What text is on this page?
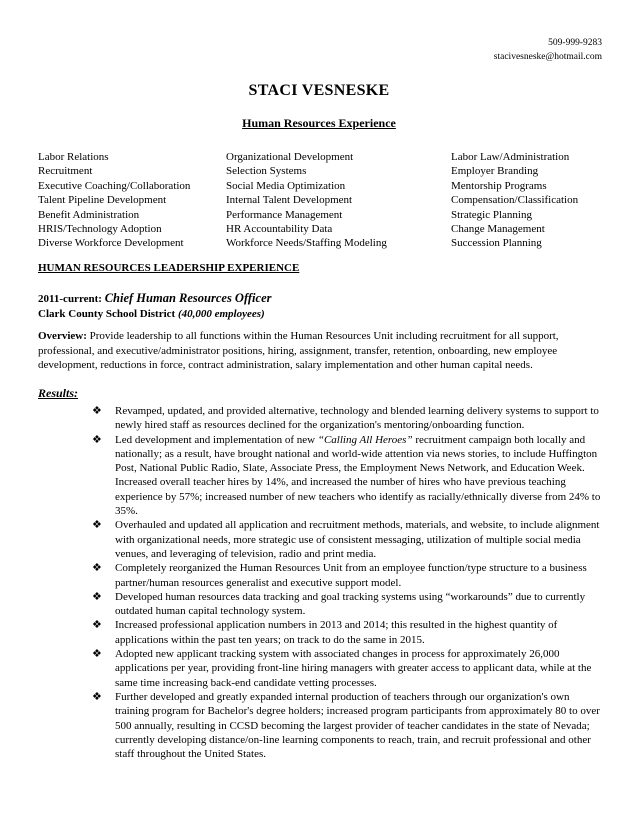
509-999-9283
stacivesneske@hotmail.com
STACI VESNESKE
Human Resources Experience
Labor Relations
Recruitment
Executive Coaching/Collaboration
Talent Pipeline Development
Benefit Administration
HRIS/Technology Adoption
Diverse Workforce Development
Organizational Development
Selection Systems
Social Media Optimization
Internal Talent Development
Performance Management
HR Accountability Data
Workforce Needs/Staffing Modeling
Labor Law/Administration
Employer Branding
Mentorship Programs
Compensation/Classification
Strategic Planning
Change Management
Succession Planning
HUMAN RESOURCES LEADERSHIP EXPERIENCE
2011-current: Chief Human Resources Officer
Clark County School District (40,000 employees)
Overview: Provide leadership to all functions within the Human Resources Unit including recruitment for all support, professional, and executive/administrator positions, hiring, assignment, transfer, retention, onboarding, new employee development, reductions in force, contract administration, salary implementation and other human capital needs.
Results:
❖ Revamped, updated, and provided alternative, technology and blended learning delivery systems to support to newly hired staff as resources declined for the organization's mentoring/onboarding function.
❖ Led development and implementation of new “Calling All Heroes” recruitment campaign both locally and nationally; as a result, have brought national and world-wide attention via news stories, to include Huffington Post, National Public Radio, Slate, Associate Press, the Employment News Network, and Education Week. Increased overall teacher hires by 14%, and increased the number of hires who have previous teaching experience by 57%; increased number of new teachers who identify as racially/ethnically diverse from 24% to 35%.
❖ Overhauled and updated all application and recruitment methods, materials, and website, to include alignment with organizational needs, more strategic use of consistent messaging, utilization of multiple social media venues, and leveraging of television, radio and print media.
❖ Completely reorganized the Human Resources Unit from an employee function/type structure to a business partner/human resources generalist and executive support model.
❖ Developed human resources data tracking and goal tracking systems using “workarounds” due to currently outdated human capital technology system.
❖ Increased professional application numbers in 2013 and 2014; this resulted in the highest quantity of applications within the past ten years; on track to do the same in 2015.
❖ Adopted new applicant tracking system with associated changes in process for approximately 26,000 applications per year, providing front-line hiring managers with greater access to applicant data, while at the same time increasing back-end candidate vetting processes.
❖ Further developed and greatly expanded internal production of teachers through our organization's own training program for Bachelor's degree holders; increased program participants from approximately 80 to over 500 annually, resulting in CCSD becoming the largest provider of teacher candidates in the state of Nevada; currently developing distance/on-line learning components to reach, train, and recruit professional and other staff throughout the United States.
